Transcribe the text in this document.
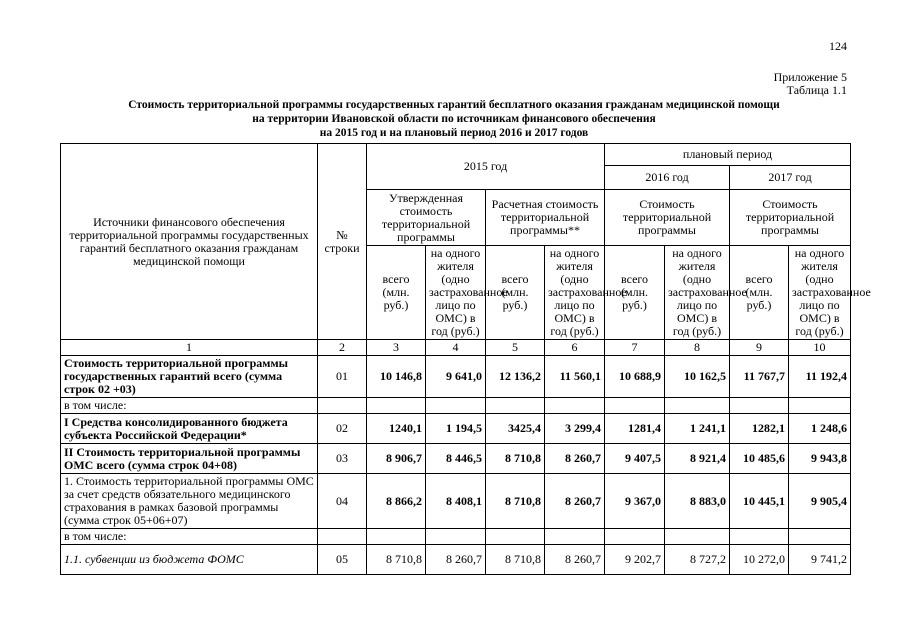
124
Приложение 5
Таблица 1.1
Стоимость территориальной программы государственных гарантий бесплатного оказания гражданам медицинской помощи
на территории Ивановской области по источникам финансового обеспечения
на 2015 год и на плановый период 2016 и 2017 годов
Источники финансового обеспечения территориальной программы государственных гарантий бесплатного оказания гражданам медицинской помощи	№ строки	2015 год				плановый период			
						2016 год		2017 год	
		Утвержденная стоимость территориальной программы		Расчетная стоимость территориальной программы**		Стоимость территориальной программы		Стоимость территориальной программы	
		всего (млн. руб.)	на одного жителя (одно застрахованное лицо по ОМС) в год (руб.)	всего (млн. руб.)	на одного жителя (одно застрахованное лицо по ОМС) в год (руб.)	всего (млн. руб.)	на одного жителя (одно застрахованное лицо по ОМС) в год (руб.)	всего (млн. руб.)	на одного жителя (одно застрахованное лицо по ОМС) в год (руб.)
1	2	3	4	5	6	7	8	9	10
Стоимость территориальной программы государственных гарантий всего (сумма строк 02 +03)	01	10 146,8	9 641,0	12 136,2	11 560,1	10 688,9	10 162,5	11 767,7	11 192,4
в том числе:									
I Средства консолидированного бюджета субъекта Российской Федерации*	02	1240,1	1 194,5	3425,4	3 299,4	1281,4	1 241,1	1282,1	1 248,6
II Стоимость территориальной программы ОМС всего (сумма строк 04+08)	03	8 906,7	8 446,5	8 710,8	8 260,7	9 407,5	8 921,4	10 485,6	9 943,8
1. Стоимость территориальной программы ОМС за счет средств обязательного медицинского страхования в рамках базовой программы (сумма строк 05+06+07)	04	8 866,2	8 408,1	8 710,8	8 260,7	9 367,0	8 883,0	10 445,1	9 905,4
в том числе:									
1.1. субвенции из бюджета ФОМС	05	8 710,8	8 260,7	8 710,8	8 260,7	9 202,7	8 727,2	10 272,0	9 741,2
